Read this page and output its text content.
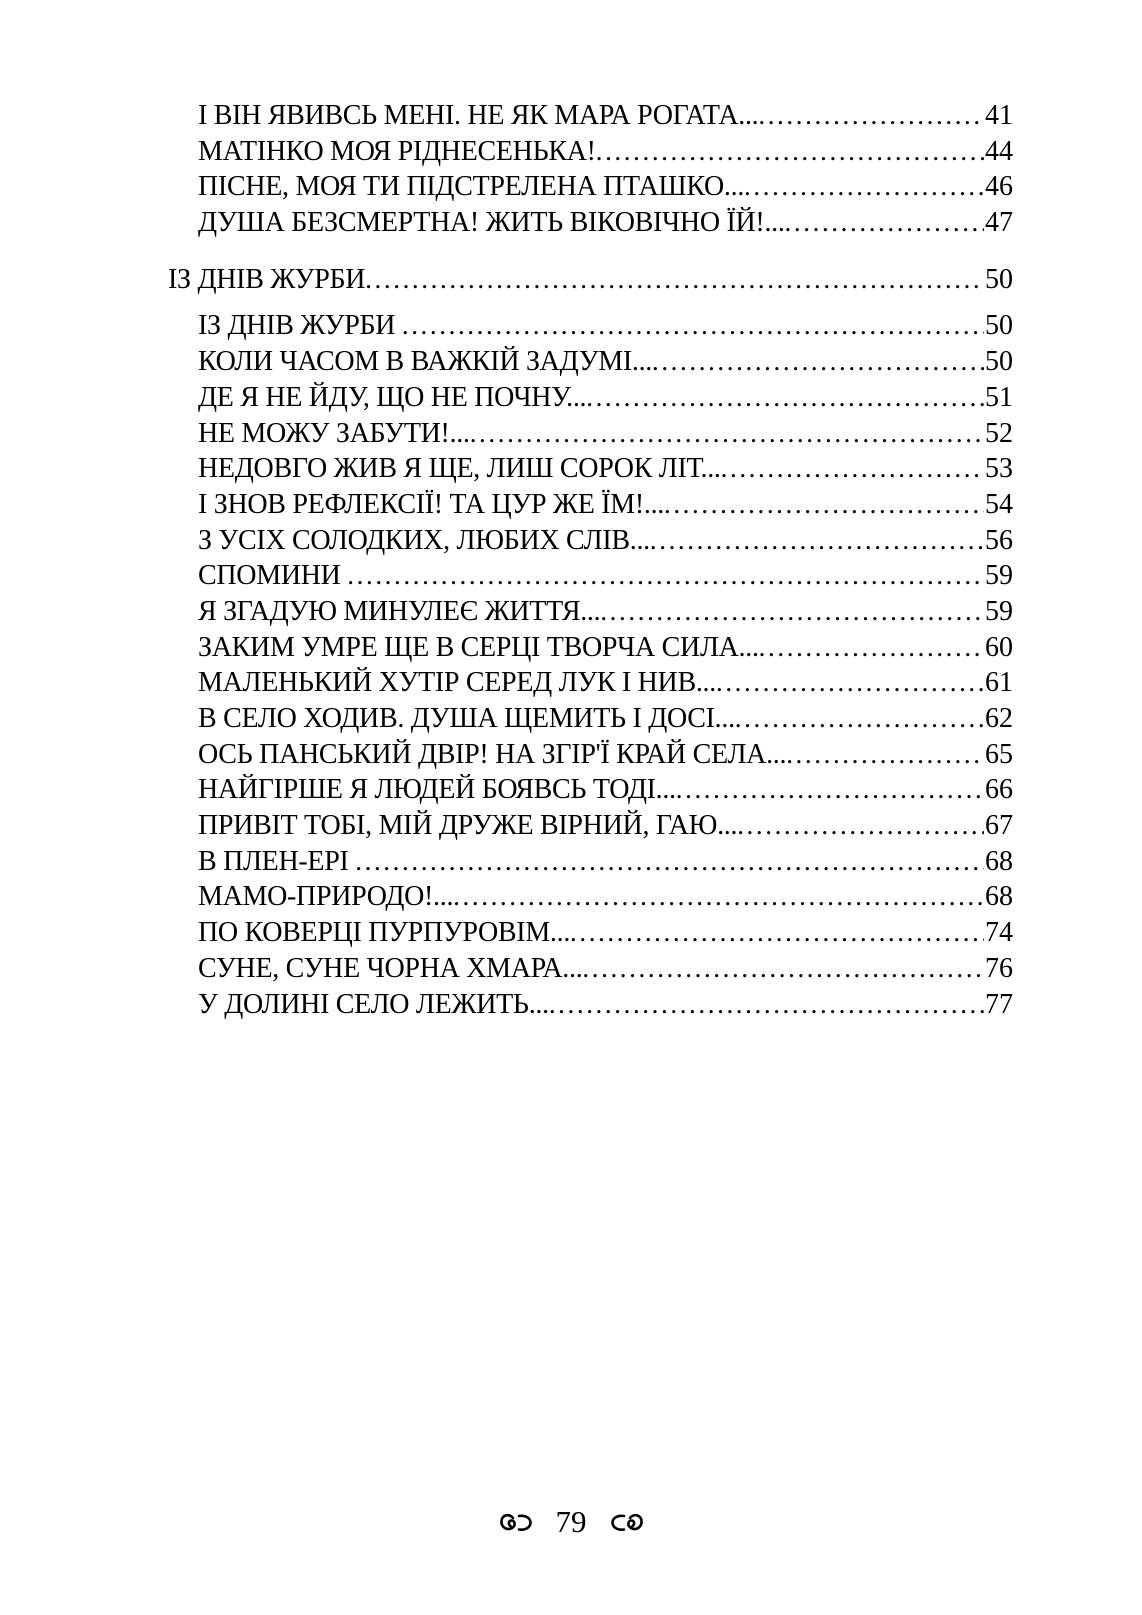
І ВІН ЯВИВСЬ МЕНІ. НЕ ЯК МАРА РОГАТА... .....	41
МАТІНКО МОЯ РІДНЕСЕНЬКА! .....	44
ПІСНЕ, МОЯ ТИ ПІДСТРЕЛЕНА ПТАШКО... .....	46
ДУША БЕЗСМЕРТНА! ЖИТЬ ВІКОВІЧНО ЇЙ!... .....	47
ІЗ ДНІВ ЖУРБИ .....	50
ІЗ ДНІВ ЖУРБИ .....	50
КОЛИ ЧАСОМ В ВАЖКІЙ ЗАДУМІ... .....	50
ДЕ Я НЕ ЙДУ, ЩО НЕ ПОЧНУ... .....	51
НЕ МОЖУ ЗАБУТИ!... .....	52
НЕДОВГО ЖИВ Я ЩЕ, ЛИШ СОРОК ЛІТ... .....	53
І ЗНОВ РЕФЛЕКСІЇ! ТА ЦУР ЖЕ ЇМ!... .....	54
З УСІХ СОЛОДКИХ, ЛЮБИХ СЛІВ... .....	56
СПОМИНИ .....	59
Я ЗГАДУЮ МИНУЛЕЄ ЖИТТЯ... .....	59
ЗАКИМ УМРЕ ЩЕ В СЕРЦІ ТВОРЧА СИЛА... .....	60
МАЛЕНЬКИЙ ХУТІР СЕРЕД ЛУК І НИВ... .....	61
В СЕЛО ХОДИВ. ДУША ЩЕМИТЬ І ДОСІ... .....	62
ОСЬ ПАНСЬКИЙ ДВІР! НА ЗГІР'Ї КРАЙ СЕЛА... .....	65
НАЙГІРШЕ Я ЛЮДЕЙ БОЯВСЬ ТОДІ... .....	66
ПРИВІТ ТОБІ, МІЙ ДРУЖЕ ВІРНИЙ, ГАЮ... .....	67
В ПЛЕН-ЕРІ .....	68
МАМО-ПРИРОДО!... .....	68
ПО КОВЕРЦІ ПУРПУРОВІМ... .....	74
СУНЕ, СУНЕ ЧОРНА ХМАРА... .....	76
У ДОЛИНІ СЕЛО ЛЕЖИТЬ... .....	77
79
